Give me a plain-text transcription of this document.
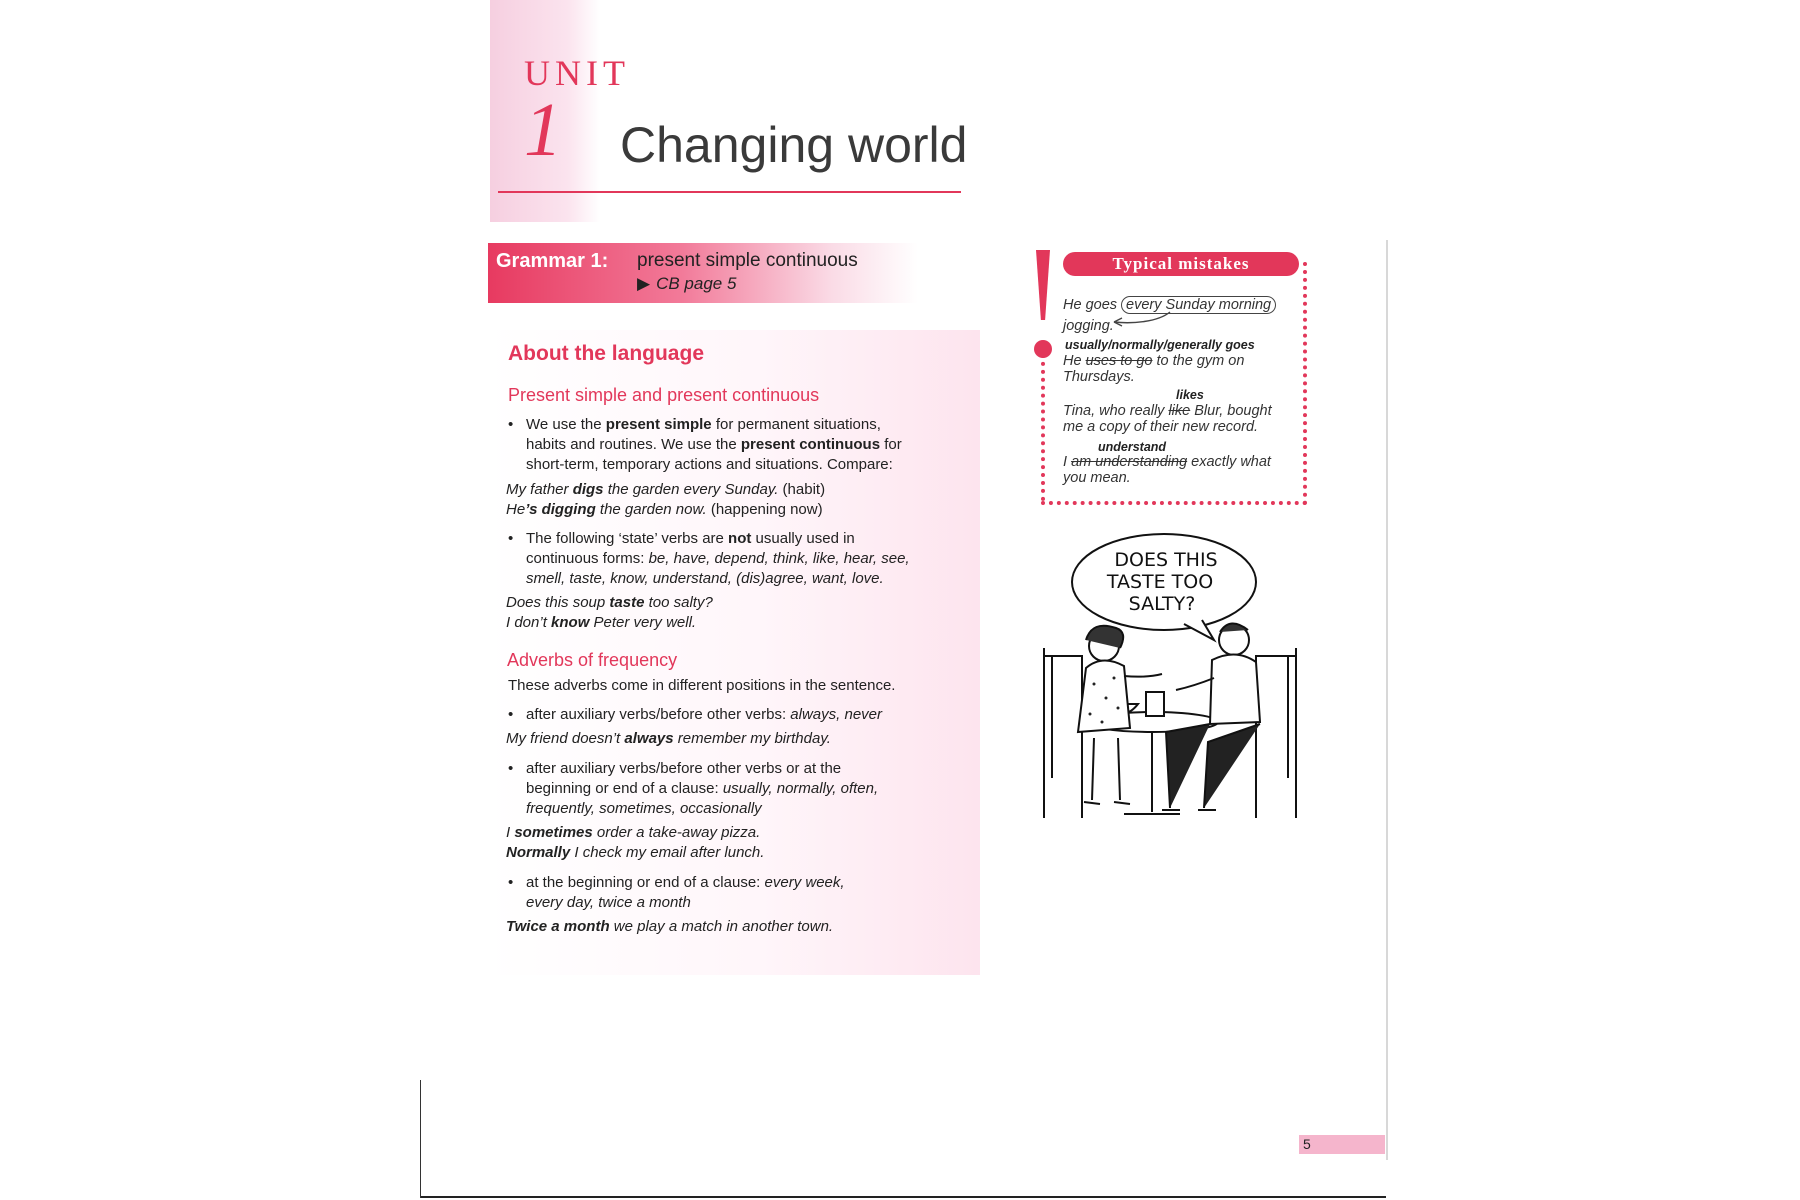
UNIT
1 Changing world
Grammar 1: present simple continuous
▶ CB page 5
About the language
Present simple and present continuous
• We use the present simple for permanent situations,
habits and routines. We use the present continuous for
short-term, temporary actions and situations. Compare:
My father digs the garden every Sunday. (habit)
He’s digging the garden now. (happening now)
• The following ‘state’ verbs are not usually used in
continuous forms: be, have, depend, think, like, hear, see,
smell, taste, know, understand, (dis)agree, want, love.
Does this soup taste too salty?
I don’t know Peter very well.
Adverbs of frequency
These adverbs come in different positions in the sentence.
• after auxiliary verbs/before other verbs: always, never
My friend doesn’t always remember my birthday.
• after auxiliary verbs/before other verbs or at the
beginning or end of a clause: usually, normally, often,
frequently, sometimes, occasionally
I sometimes order a take-away pizza.
Normally I check my email after lunch.
• at the beginning or end of a clause: every week,
every day, twice a month
Twice a month we play a match in another town.
Typical mistakes
He goes every Sunday morning
jogging.
usually/normally/generally goes
He uses to go to the gym on
Thursdays.
likes
Tina, who really like Blur, bought
me a copy of their new record.
understand
I am understanding exactly what
you mean.
DOES THIS
TASTE TOO
SALTY?
5
